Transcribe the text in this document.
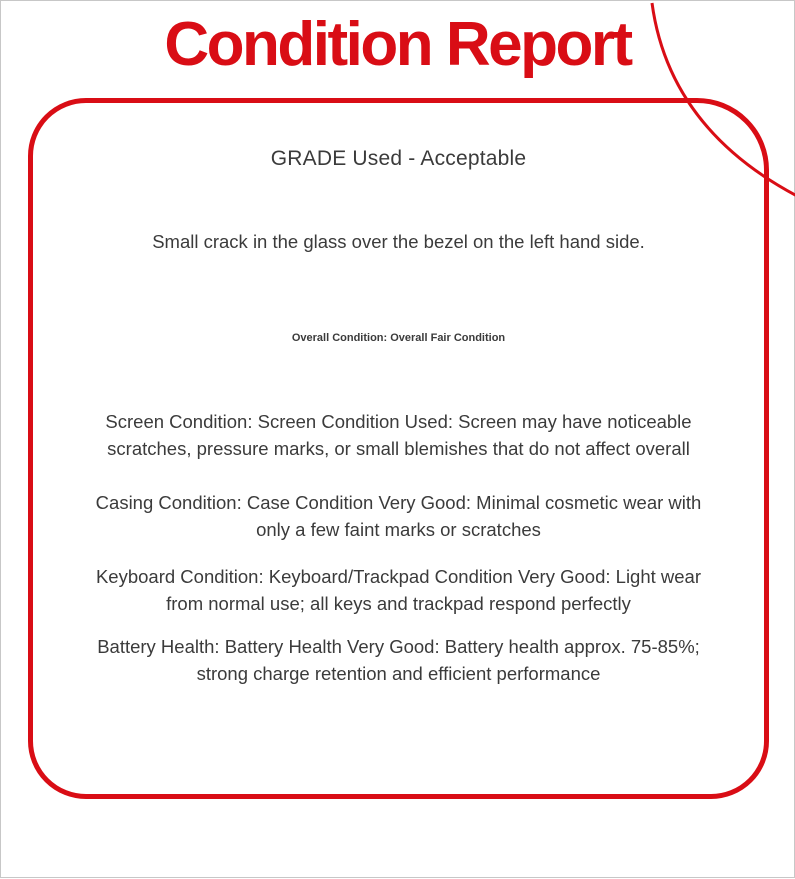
Condition Report
GRADE Used - Acceptable
Small crack in the glass over the bezel on the left hand side.
Overall Condition: Overall Fair Condition

Screen Condition: Screen Condition Used: Screen may have noticeable scratches, pressure marks, or small blemishes that do not affect overall

Casing Condition: Case Condition Very Good: Minimal cosmetic wear with only a few faint marks or scratches

Keyboard Condition: Keyboard/Trackpad Condition Very Good: Light wear from normal use; all keys and trackpad respond perfectly

Battery Health: Battery Health Very Good: Battery health approx. 75-85%; strong charge retention and efficient performance
